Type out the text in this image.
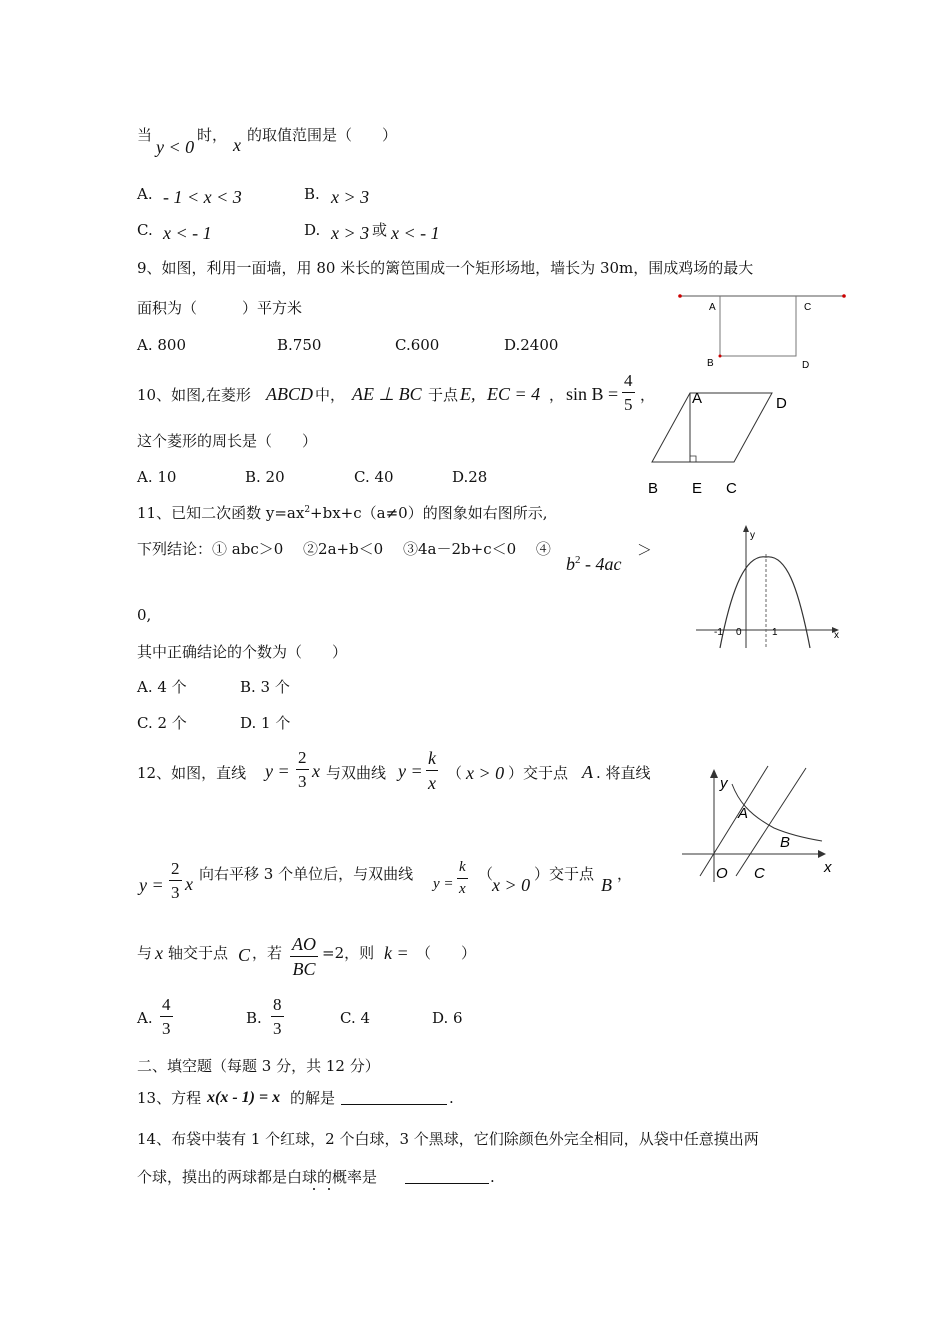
当
y < 0
时， x 的取值范围是（　　）
A. - 1 < x < 3	B. x > 3
C. x < - 1	D. x > 3 或 x < - 1
9、如图，利用一面墙，用 80 米长的篱笆围成一个矩形场地，墙长为 30m，围成鸡场的最大
面积为（　　　）平方米
A. 800	B.750	C.600	D.2400
A	C
B	D
10、如图,在菱形 ABCD 中， AE ⊥ BC 于点 E, EC = 4 ， $\sin B = \frac{4}{5}$ ，
这个菱形的周长是（　　）
A. 10	B. 20	C. 40	D.28
A	D
B E C
11、已知二次函数 $y=ax^2+bx+c(a\ne 0)$的图象如右图所示,
下列结论：① abc＞0　 ②2a+b＜0　 ③4a－2b+c＜0　 ④
$b^2 - 4ac$
＞
0,
其中正确结论的个数为（　　）
A. 4 个	B. 3 个
C. 2 个	D. 1 个
y
-1 0	1	x
12、如图，直线 $y = \frac{2}{3}$ x 与双曲线 $y = \frac{k}{x}$ （ x > 0 ）交于点 A . 将直线
$y = \frac{2}{3}$ x 向右平移 3 个单位后，与双曲线
$y = \frac{k}{x}$ （
x > 0
）交于点
B
，
与 x 轴交于点 C ，若 $\frac{AO}{BC} =2$，则 k = （　　）
A. $\frac{4}{3}$	B. $\frac{8}{3}$	C. 4	D. 6
y
A
B
x
O C
二、填空题（每题 3 分，共 12 分）
13、方程 x(x - 1) = x 的解是	.
14、布袋中装有 1 个红球，2 个白球，3 个黑球，它们除颜色外完全相同，从袋中任意摸出两
个球，摸出的两球都是白球的概率是	.
